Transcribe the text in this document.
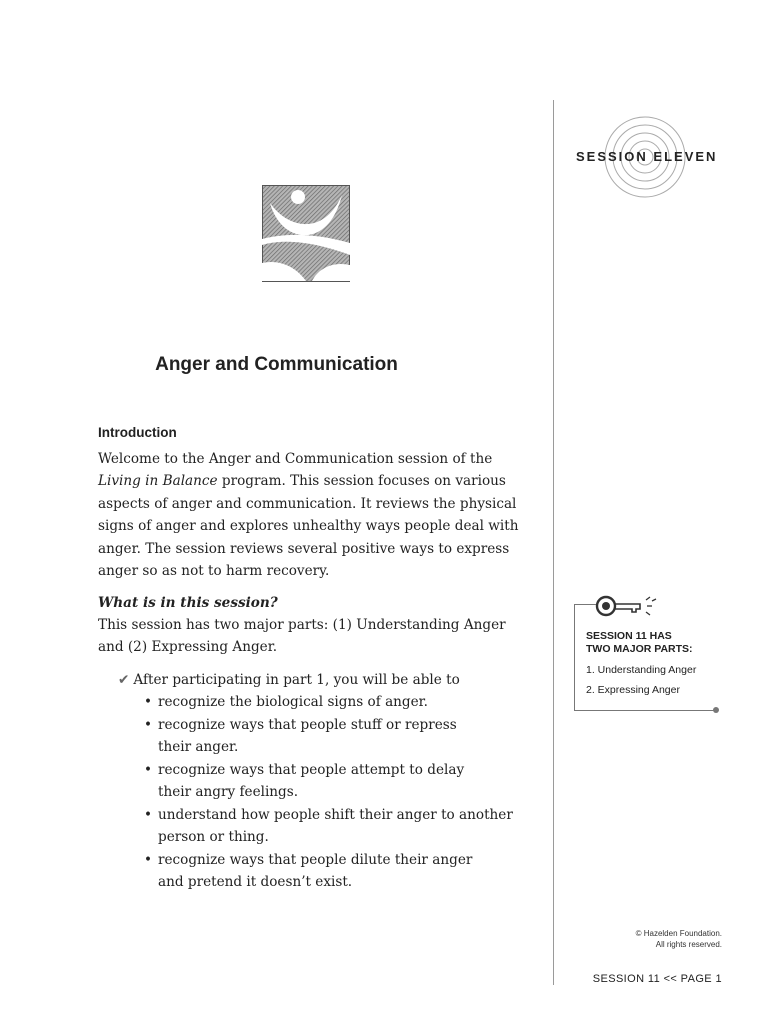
SESSION ELEVEN
Anger and Communication
Introduction
Welcome to the Anger and Communication session of the Living in Balance program. This session focuses on various aspects of anger and communication. It reviews the physical signs of anger and explores unhealthy ways people deal with anger. The session reviews several positive ways to express anger so as not to harm recovery.
What is in this session?
This session has two major parts: (1) Understanding Anger and (2) Expressing Anger.
✔ After participating in part 1, you will be able to
• recognize the biological signs of anger.
• recognize ways that people stuff or repress
their anger.
• recognize ways that people attempt to delay
their angry feelings.
• understand how people shift their anger to another
person or thing.
• recognize ways that people dilute their anger
and pretend it doesn’t exist.
SESSION 11 HAS
TWO MAJOR PARTS:
1. Understanding Anger
2. Expressing Anger
© Hazelden Foundation.
All rights reserved.
SESSION 11 << PAGE 1
